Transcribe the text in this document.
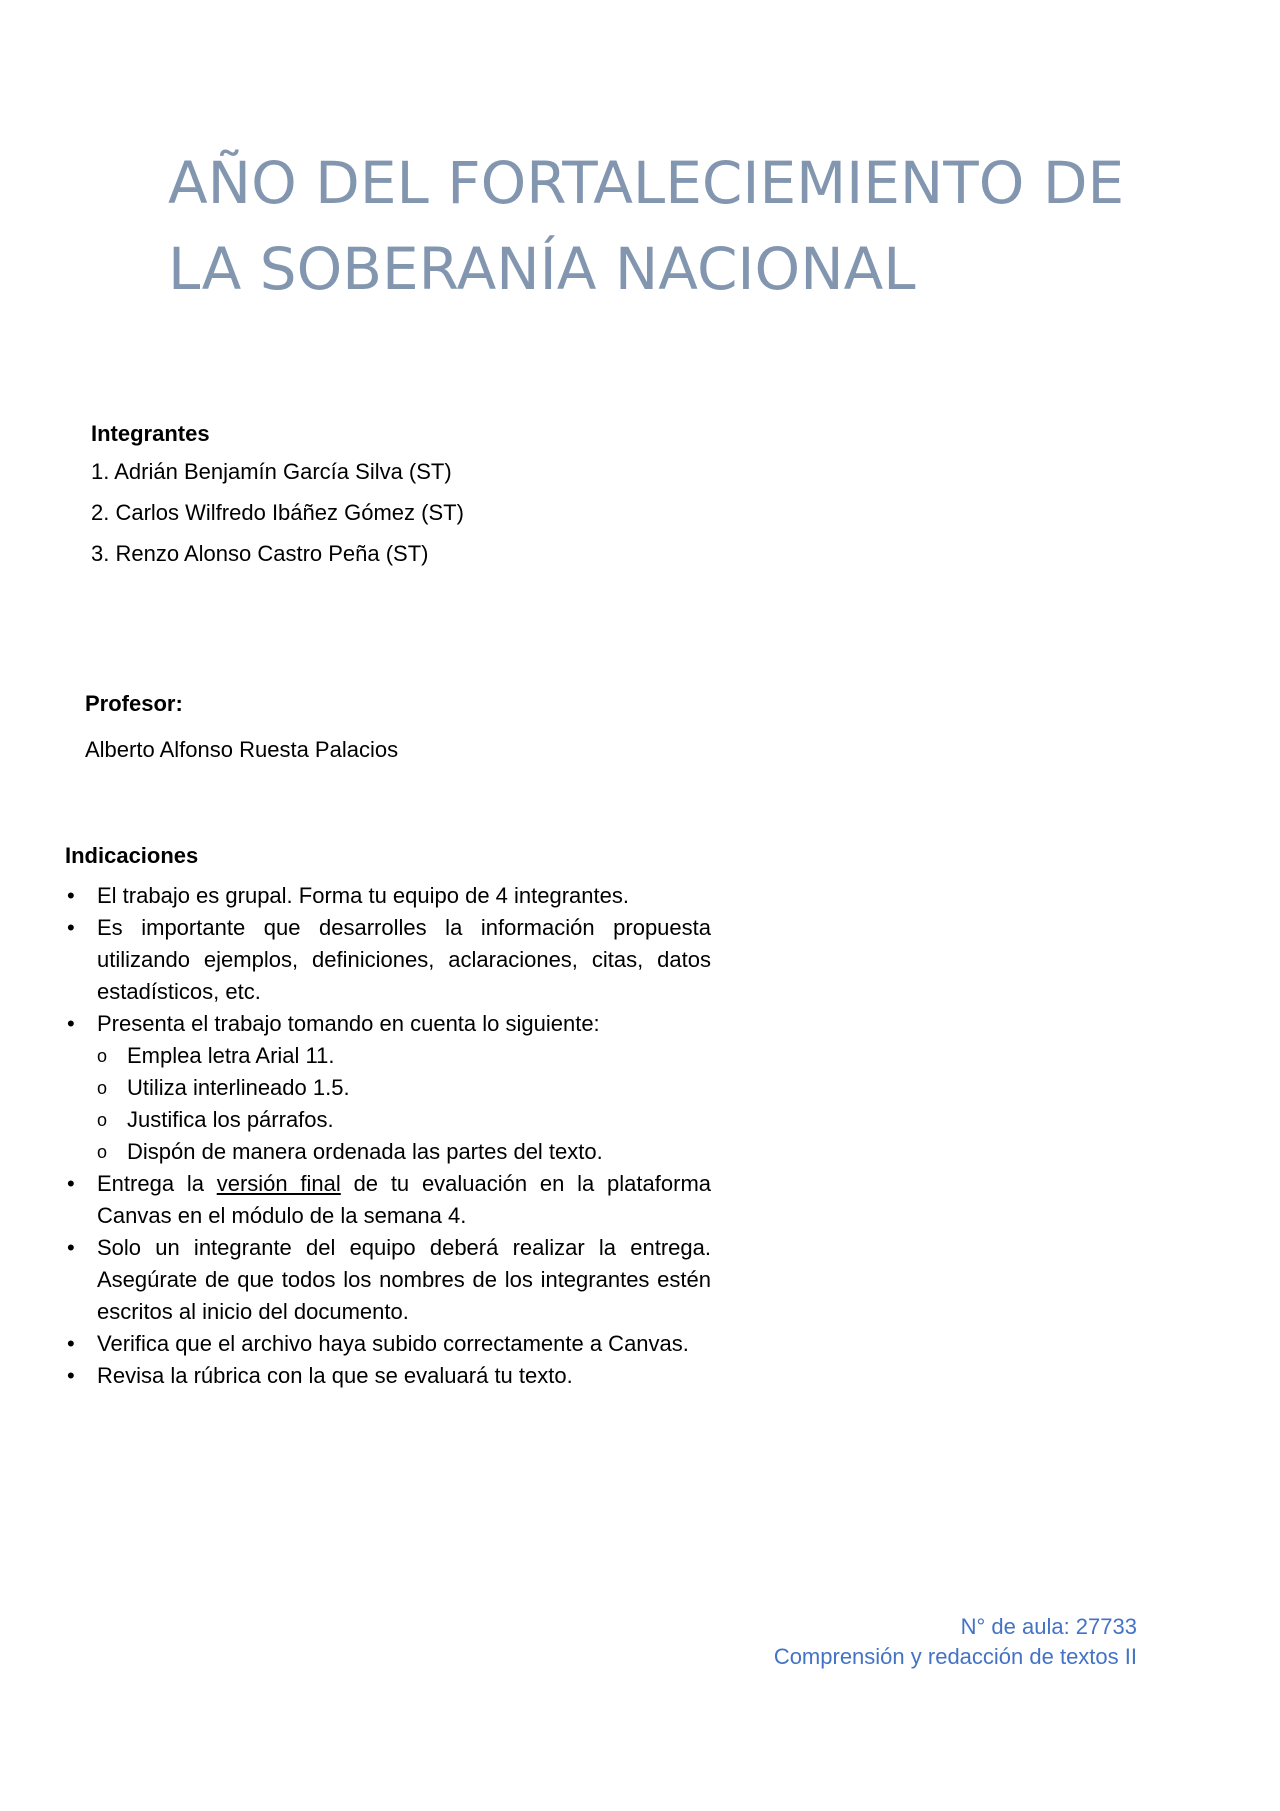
AÑO DEL FORTALECIEMIENTO DE
LA SOBERANÍA NACIONAL

Integrantes

1. Adrián Benjamín García Silva (ST)
2. Carlos Wilfredo Ibáñez Gómez (ST)
3. Renzo Alonso Castro Peña (ST)

Profesor:

Alberto Alfonso Ruesta Palacios

Indicaciones

• El trabajo es grupal. Forma tu equipo de 4 integrantes.
• Es importante que desarrolles la información propuesta utilizando ejemplos, definiciones, aclaraciones, citas, datos estadísticos, etc.
• Presenta el trabajo tomando en cuenta lo siguiente:
o Emplea letra Arial 11.
o Utiliza interlineado 1.5.
o Justifica los párrafos.
o Dispón de manera ordenada las partes del texto.
• Entrega la versión final de tu evaluación en la plataforma Canvas en el módulo de la semana 4.
• Solo un integrante del equipo deberá realizar la entrega. Asegúrate de que todos los nombres de los integrantes estén escritos al inicio del documento.
• Verifica que el archivo haya subido correctamente a Canvas.
• Revisa la rúbrica con la que se evaluará tu texto.
N° de aula: 27733
Comprensión y redacción de textos II
